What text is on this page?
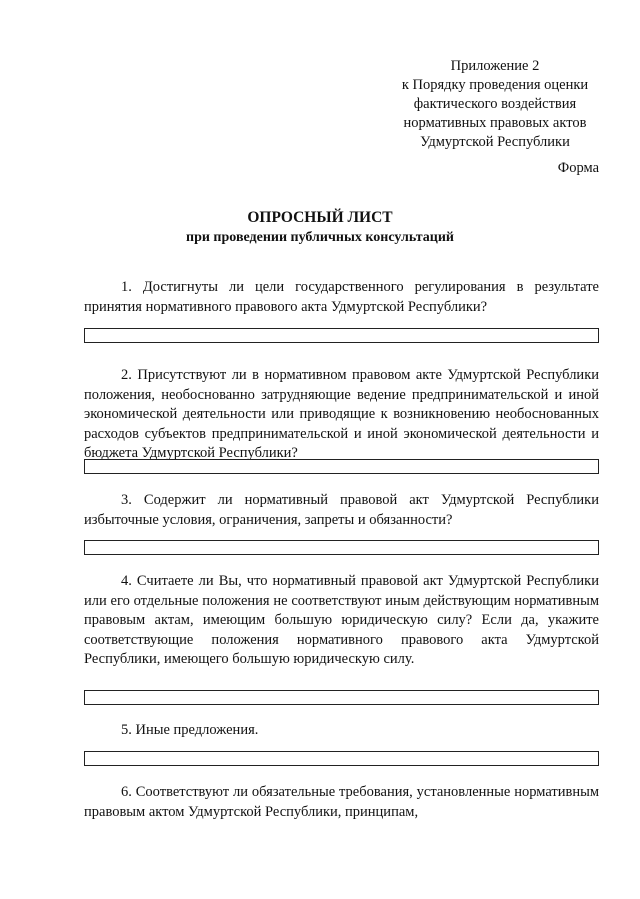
Приложение 2
к Порядку проведения оценки
фактического воздействия
нормативных правовых актов
Удмуртской Республики
Форма
ОПРОСНЫЙ ЛИСТ
при проведении публичных консультаций

1. Достигнуты ли цели государственного регулирования в результате принятия нормативного правового акта Удмуртской Республики?

2. Присутствуют ли в нормативном правовом акте Удмуртской Республики положения, необоснованно затрудняющие ведение предпринимательской и иной экономической деятельности или приводящие к возникновению необоснованных расходов субъектов предпринимательской и иной экономической деятельности и бюджета Удмуртской Республики?

3. Содержит ли нормативный правовой акт Удмуртской Республики избыточные условия, ограничения, запреты и обязанности?

4. Считаете ли Вы, что нормативный правовой акт Удмуртской Республики или его отдельные положения не соответствуют иным действующим нормативным правовым актам, имеющим большую юридическую силу? Если да, укажите соответствующие положения нормативного правового акта Удмуртской Республики, имеющего большую юридическую силу.

5. Иные предложения.

6. Соответствуют ли обязательные требования, установленные нормативным правовым актом Удмуртской Республики, принципам,
